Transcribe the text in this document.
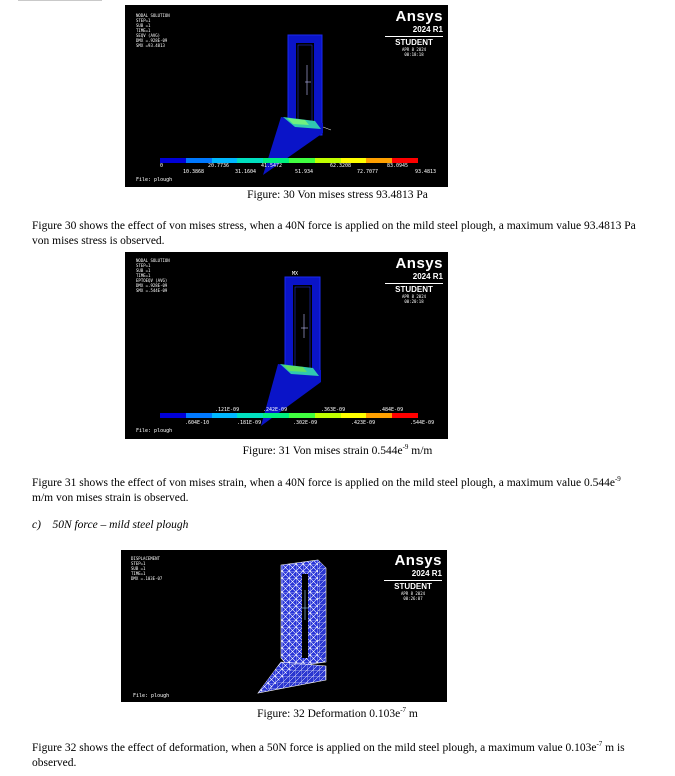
NODAL SOLUTION
STEP=1
SUB =1
TIME=1
SEQV (AVG)
DMX =.928E-09
SMX =93.4813
Ansys
2024 R1
STUDENT
APR 8 2024
00:18:18
0	20.7736	41.5472	62.3208	83.0945
10.3868	31.1604	51.934	72.7077	93.4813
File: plough
Figure: 30 Von mises stress 93.4813 Pa
Figure 30 shows the effect of von mises stress, when a 40N force is applied on the mild steel plough, a maximum value 93.4813 Pa
von mises stress is observed.
NODAL SOLUTION
STEP=1
SUB =1
TIME=1
EPTOEQV (AVG)
DMX =.928E-09
SMX =.544E-09
MX
Ansys
2024 R1
STUDENT
APR 8 2024
00:20:18
.121E-09	.242E-09	.363E-09	.484E-09
.604E-10	.181E-09	.302E-09	.423E-09	.544E-09
File: plough
Figure: 31 Von mises strain $0.544e^{-9}$ m/m
Figure 31 shows the effect of von mises strain, when a 40N force is applied on the mild steel plough, a maximum value $0.544e^{-9}$
m/m von mises strain is observed.
c) 50N force – mild steel plough
DISPLACEMENT
STEP=1
SUB =1
TIME=1
DMX =.103E-07
Ansys
2024 R1
STUDENT
APR 8 2024
00:26:07
File: plough
Figure: 32 Deformation $0.103e^{-7}$ m
Figure 32 shows the effect of deformation, when a 50N force is applied on the mild steel plough, a maximum value $0.103e^{-7}$ m is
observed.
